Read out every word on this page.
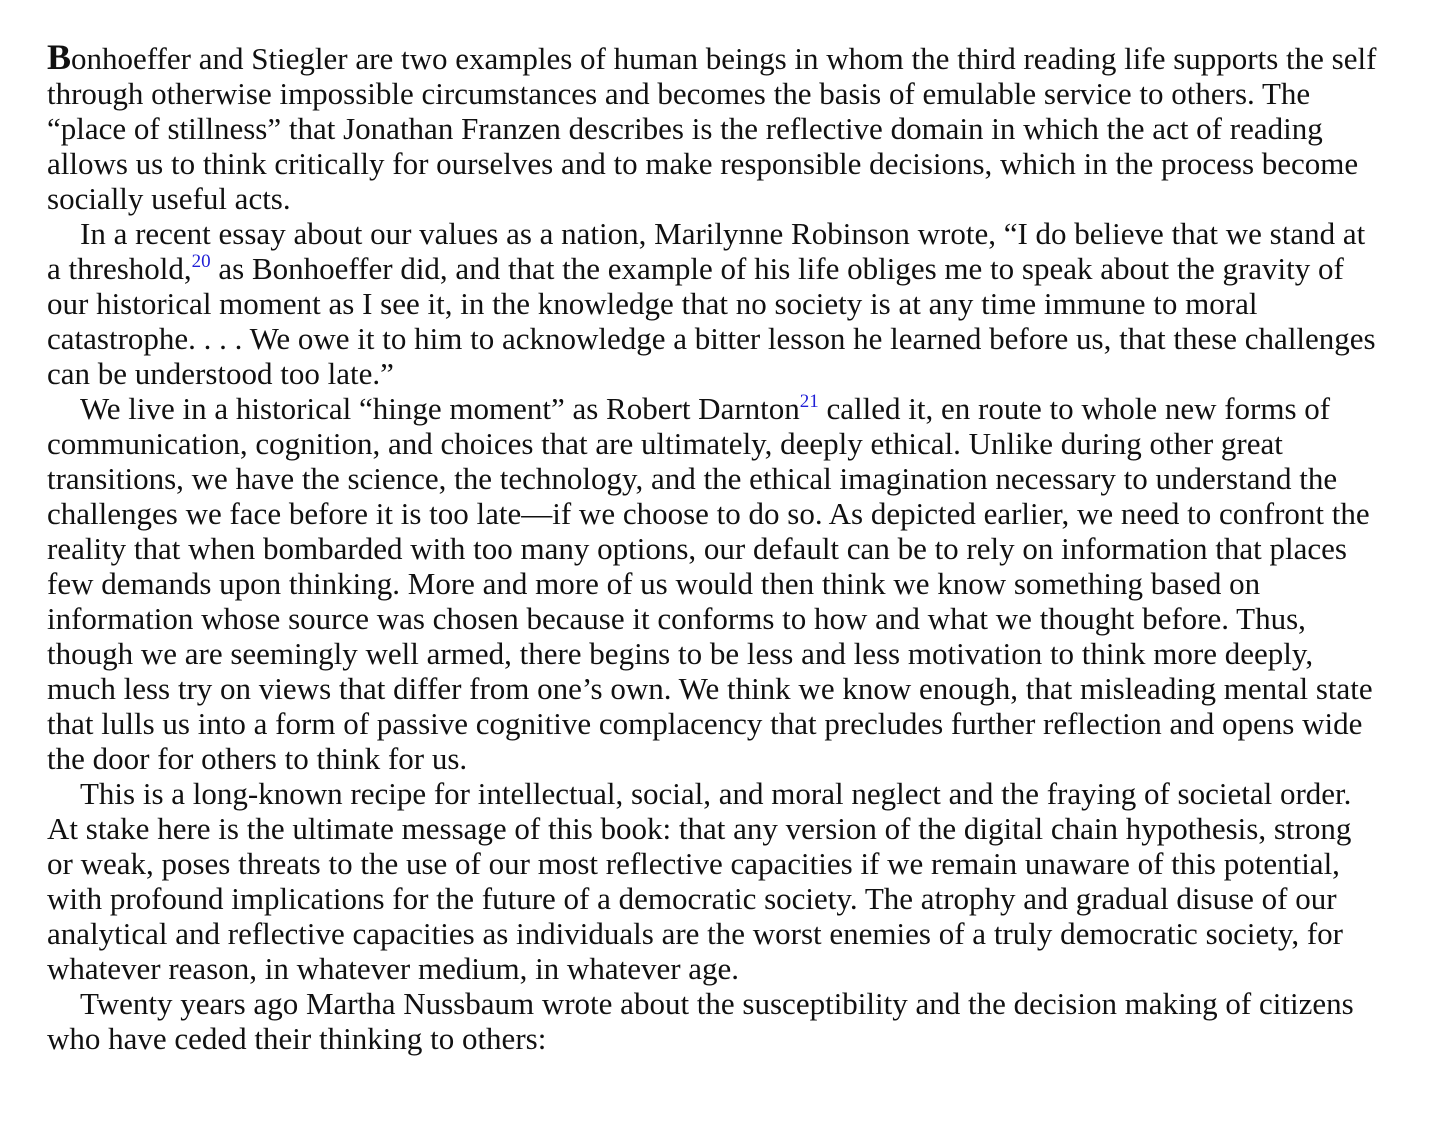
Bonhoeffer and Stiegler are two examples of human beings in whom the third reading life supports the self through otherwise impossible circumstances and becomes the basis of emulable service to others. The “place of stillness” that Jonathan Franzen describes is the reflective domain in which the act of reading allows us to think critically for ourselves and to make responsible decisions, which in the process become socially useful acts.

In a recent essay about our values as a nation, Marilynne Robinson wrote, “I do believe that we stand at a threshold,$^{20}$ as Bonhoeffer did, and that the example of his life obliges me to speak about the gravity of our historical moment as I see it, in the knowledge that no society is at any time immune to moral catastrophe. . . . We owe it to him to acknowledge a bitter lesson he learned before us, that these challenges can be understood too late.”

We live in a historical “hinge moment” as Robert Darnton$^{21}$ called it, en route to whole new forms of communication, cognition, and choices that are ultimately, deeply ethical. Unlike during other great transitions, we have the science, the technology, and the ethical imagination necessary to understand the challenges we face before it is too late—if we choose to do so. As depicted earlier, we need to confront the reality that when bombarded with too many options, our default can be to rely on information that places few demands upon thinking. More and more of us would then think we know something based on information whose source was chosen because it conforms to how and what we thought before. Thus, though we are seemingly well armed, there begins to be less and less motivation to think more deeply, much less try on views that differ from one’s own. We think we know enough, that misleading mental state that lulls us into a form of passive cognitive complacency that precludes further reflection and opens wide the door for others to think for us.

This is a long-known recipe for intellectual, social, and moral neglect and the fraying of societal order. At stake here is the ultimate message of this book: that any version of the digital chain hypothesis, strong or weak, poses threats to the use of our most reflective capacities if we remain unaware of this potential, with profound implications for the future of a democratic society. The atrophy and gradual disuse of our analytical and reflective capacities as individuals are the worst enemies of a truly democratic society, for whatever reason, in whatever medium, in whatever age.

Twenty years ago Martha Nussbaum wrote about the susceptibility and the decision making of citizens who have ceded their thinking to others:
